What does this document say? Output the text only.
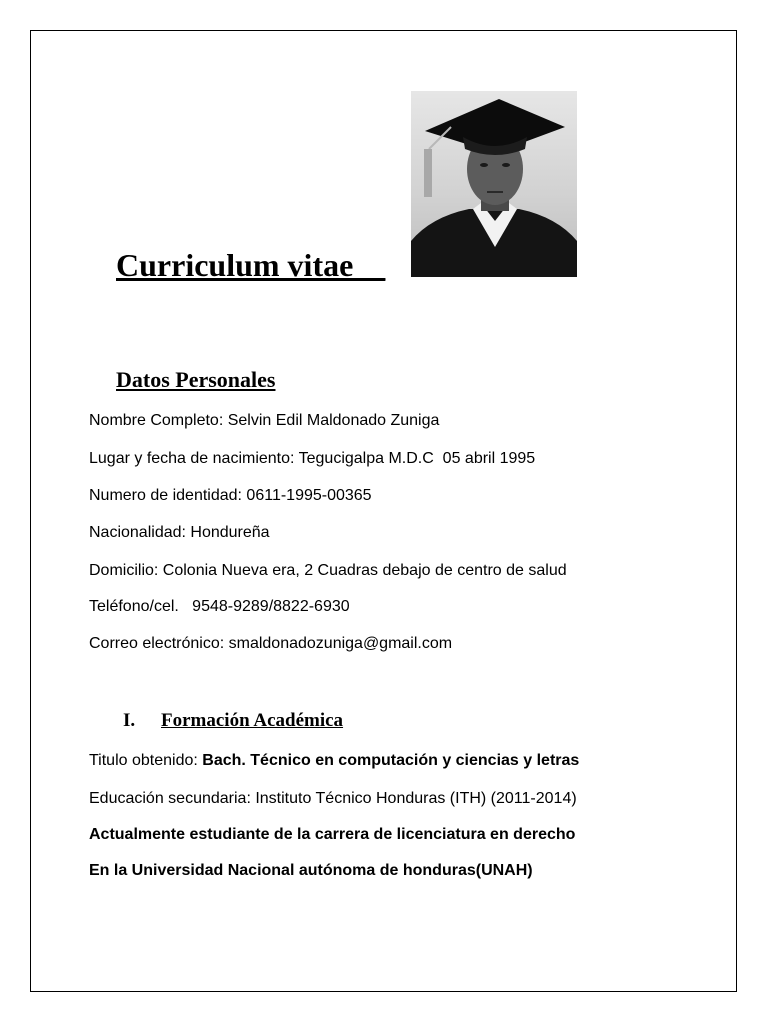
Curriculum vitae__
Datos Personales
Nombre Completo: Selvin Edil Maldonado Zuniga
Lugar y fecha de nacimiento: Tegucigalpa M.D.C  05 abril 1995
Numero de identidad: 0611-1995-00365
Nacionalidad: Hondureña
Domicilio: Colonia Nueva era, 2 Cuadras debajo de centro de salud
Teléfono/cel.   9548-9289/8822-6930
Correo electrónico: smaldonadozuniga@gmail.com
I. Formación Académica
Titulo obtenido: Bach. Técnico en computación y ciencias y letras
Educación secundaria: Instituto Técnico Honduras (ITH) (2011-2014)
Actualmente estudiante de la carrera de licenciatura en derecho
En la Universidad Nacional autónoma de honduras(UNAH)
